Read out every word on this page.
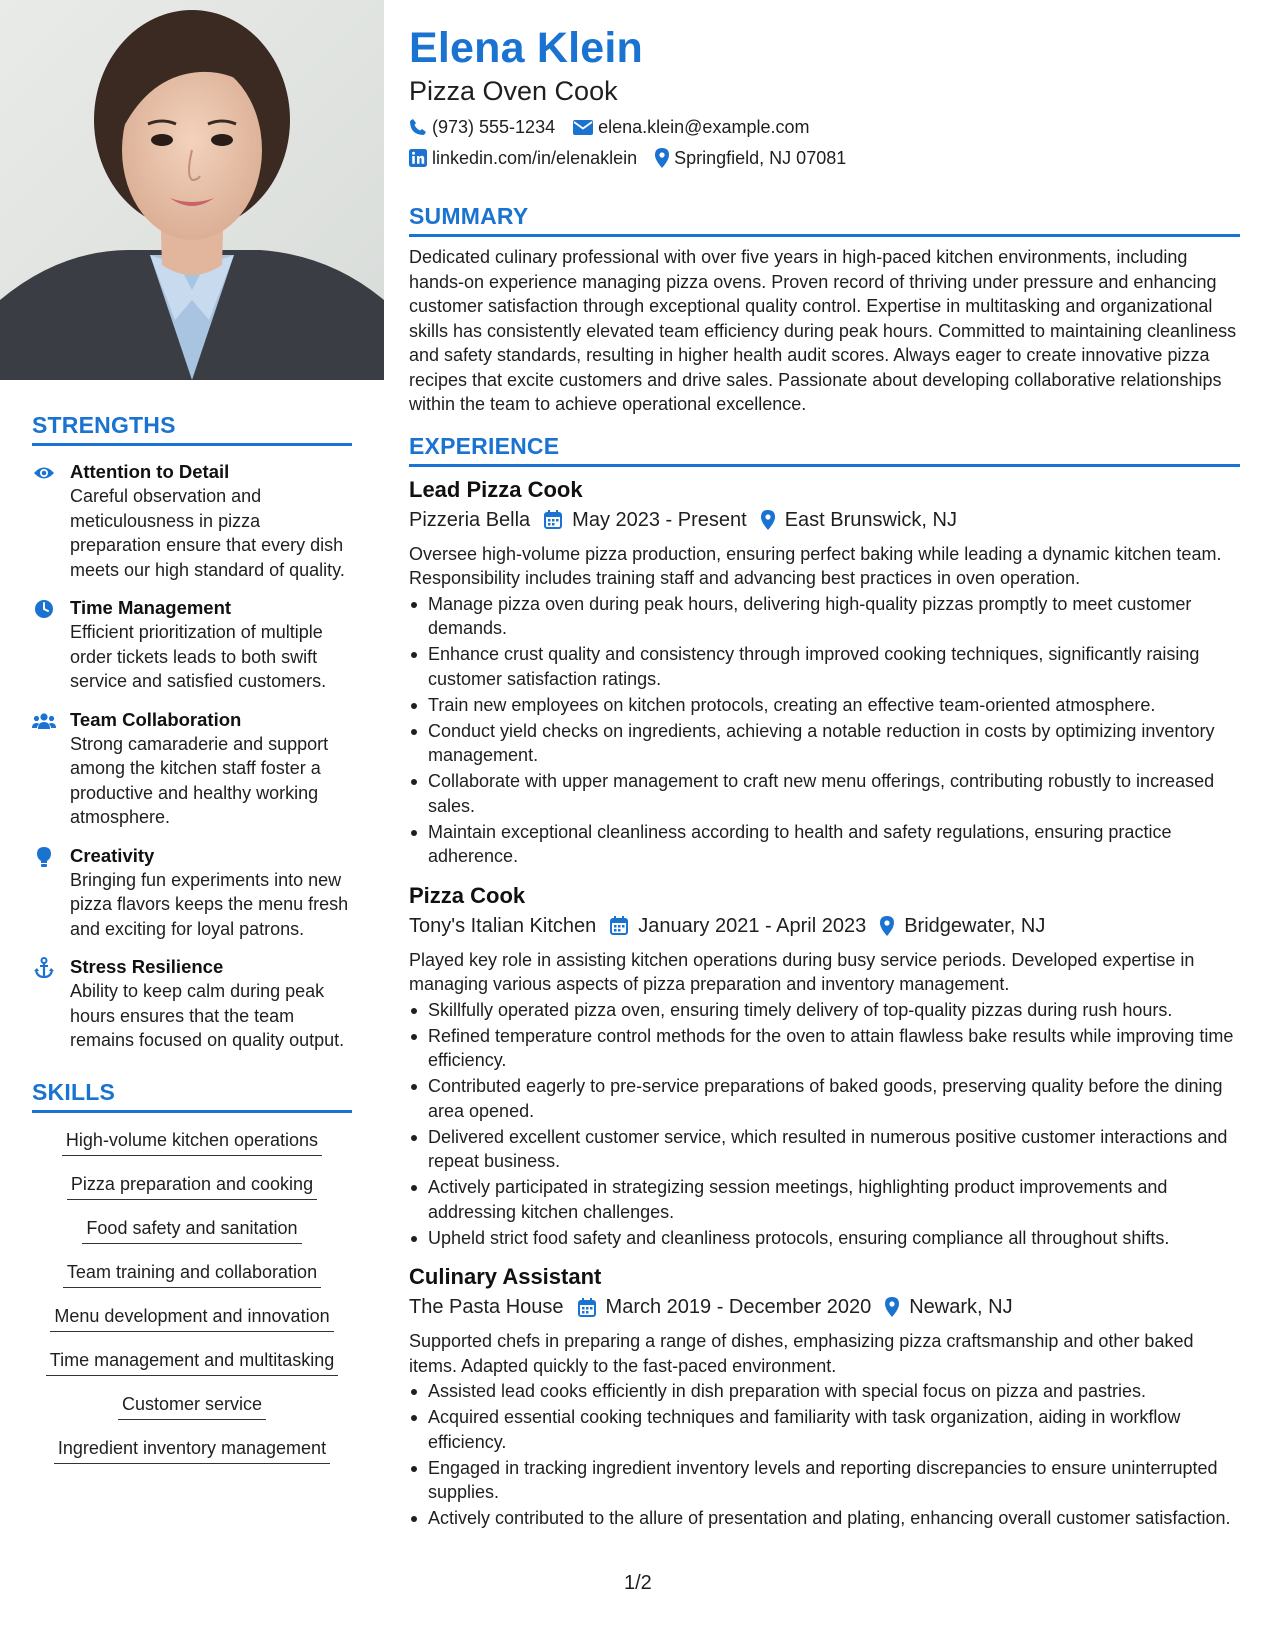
STRENGTHS
Attention to Detail
Careful observation and meticulousness in pizza preparation ensure that every dish meets our high standard of quality.
Time Management
Efficient prioritization of multiple order tickets leads to both swift service and satisfied customers.
Team Collaboration
Strong camaraderie and support among the kitchen staff foster a productive and healthy working atmosphere.
Creativity
Bringing fun experiments into new pizza flavors keeps the menu fresh and exciting for loyal patrons.
Stress Resilience
Ability to keep calm during peak hours ensures that the team remains focused on quality output.
SKILLS
High-volume kitchen operations
Pizza preparation and cooking
Food safety and sanitation
Team training and collaboration
Menu development and innovation
Time management and multitasking
Customer service
Ingredient inventory management
Elena Klein
Pizza Oven Cook
(973) 555-1234 elena.klein@example.com
linkedin.com/in/elenaklein Springfield, NJ 07081
SUMMARY
Dedicated culinary professional with over five years in high-paced kitchen environments, including hands-on experience managing pizza ovens. Proven record of thriving under pressure and enhancing customer satisfaction through exceptional quality control. Expertise in multitasking and organizational skills has consistently elevated team efficiency during peak hours. Committed to maintaining cleanliness and safety standards, resulting in higher health audit scores. Always eager to create innovative pizza recipes that excite customers and drive sales. Passionate about developing collaborative relationships within the team to achieve operational excellence.
EXPERIENCE
Lead Pizza Cook
Pizzeria Bella May 2023 - Present East Brunswick, NJ
Oversee high-volume pizza production, ensuring perfect baking while leading a dynamic kitchen team. Responsibility includes training staff and advancing best practices in oven operation.
Manage pizza oven during peak hours, delivering high-quality pizzas promptly to meet customer demands.
Enhance crust quality and consistency through improved cooking techniques, significantly raising customer satisfaction ratings.
Train new employees on kitchen protocols, creating an effective team-oriented atmosphere.
Conduct yield checks on ingredients, achieving a notable reduction in costs by optimizing inventory management.
Collaborate with upper management to craft new menu offerings, contributing robustly to increased sales.
Maintain exceptional cleanliness according to health and safety regulations, ensuring practice adherence.
Pizza Cook
Tony's Italian Kitchen January 2021 - April 2023 Bridgewater, NJ
Played key role in assisting kitchen operations during busy service periods. Developed expertise in managing various aspects of pizza preparation and inventory management.
Skillfully operated pizza oven, ensuring timely delivery of top-quality pizzas during rush hours.
Refined temperature control methods for the oven to attain flawless bake results while improving time efficiency.
Contributed eagerly to pre-service preparations of baked goods, preserving quality before the dining area opened.
Delivered excellent customer service, which resulted in numerous positive customer interactions and repeat business.
Actively participated in strategizing session meetings, highlighting product improvements and addressing kitchen challenges.
Upheld strict food safety and cleanliness protocols, ensuring compliance all throughout shifts.
Culinary Assistant
The Pasta House March 2019 - December 2020 Newark, NJ
Supported chefs in preparing a range of dishes, emphasizing pizza craftsmanship and other baked items. Adapted quickly to the fast-paced environment.
Assisted lead cooks efficiently in dish preparation with special focus on pizza and pastries.
Acquired essential cooking techniques and familiarity with task organization, aiding in workflow efficiency.
Engaged in tracking ingredient inventory levels and reporting discrepancies to ensure uninterrupted supplies.
Actively contributed to the allure of presentation and plating, enhancing overall customer satisfaction.
1/2
